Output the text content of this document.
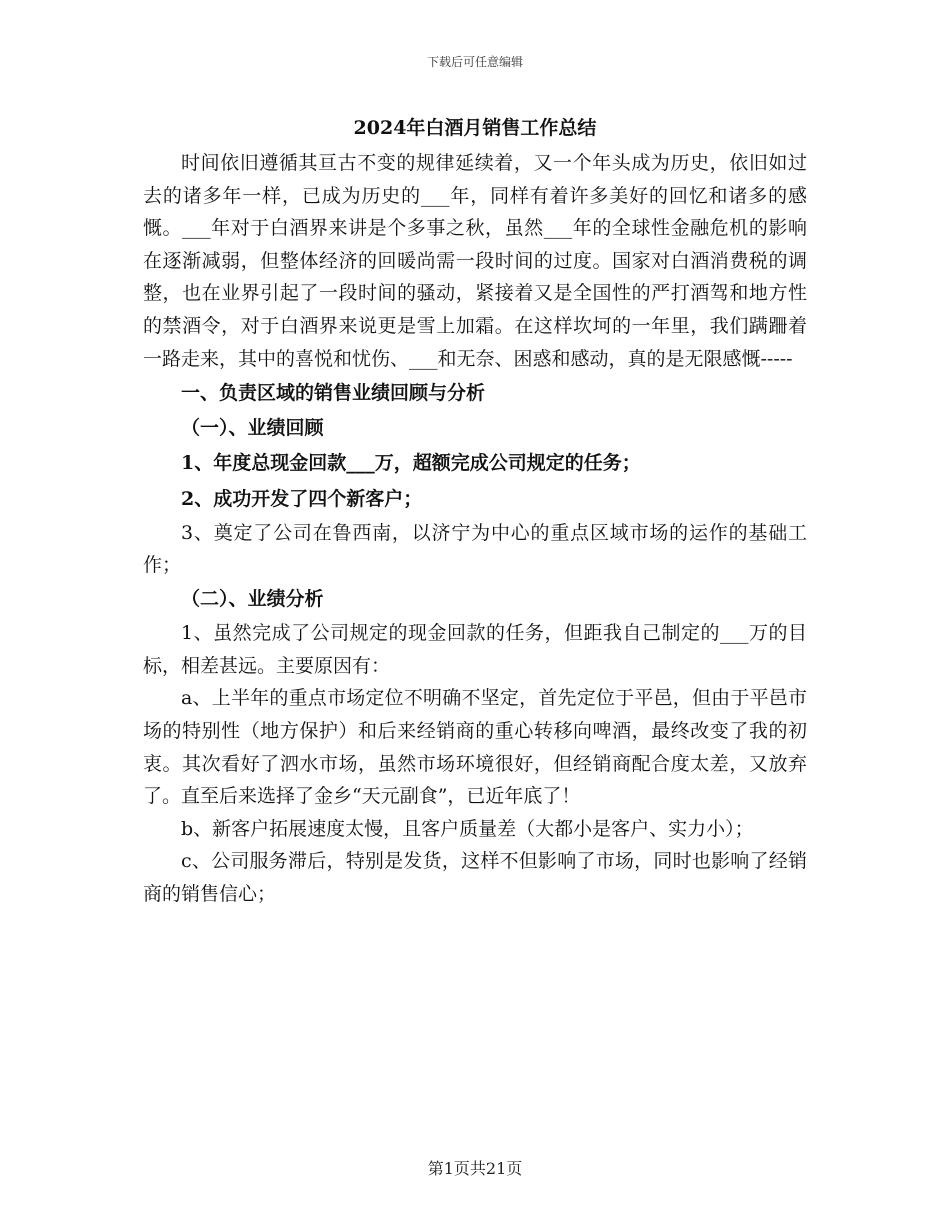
下载后可任意编辑
2024年白酒月销售工作总结

时间依旧遵循其亘古不变的规律延续着，又一个年头成为历史，依旧如过去的诸多年一样，已成为历史的___年，同样有着许多美好的回忆和诸多的感慨。___年对于白酒界来讲是个多事之秋，虽然___年的全球性金融危机的影响在逐渐减弱，但整体经济的回暖尚需一段时间的过度。国家对白酒消费税的调整，也在业界引起了一段时间的骚动，紧接着又是全国性的严打酒驾和地方性的禁酒令，对于白酒界来说更是雪上加霜。在这样坎坷的一年里，我们蹒跚着一路走来，其中的喜悦和忧伤、___和无奈、困惑和感动，真的是无限感慨-----

一、负责区域的销售业绩回顾与分析

（一）、业绩回顾

1、年度总现金回款___万，超额完成公司规定的任务；

2、成功开发了四个新客户；

3、奠定了公司在鲁西南，以济宁为中心的重点区域市场的运作的基础工作；

（二）、业绩分析

1、虽然完成了公司规定的现金回款的任务，但距我自己制定的___万的目标，相差甚远。主要原因有：

a、上半年的重点市场定位不明确不坚定，首先定位于平邑，但由于平邑市场的特别性（地方保护）和后来经销商的重心转移向啤酒，最终改变了我的初衷。其次看好了泗水市场，虽然市场环境很好，但经销商配合度太差，又放弃了。直至后来选择了金乡“天元副食”，已近年底了！

b、新客户拓展速度太慢，且客户质量差（大都小是客户、实力小）；

c、公司服务滞后，特别是发货，这样不但影响了市场，同时也影响了经销商的销售信心；

第1页共21页
